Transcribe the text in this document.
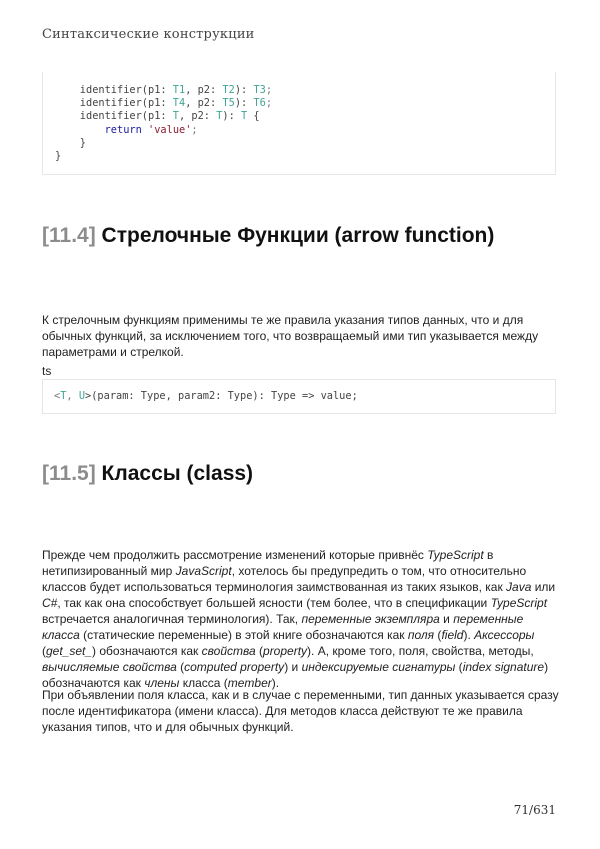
Синтаксические конструкции
identifier(p1: T1, p2: T2): T3;
identifier(p1: T4, p2: T5): T6;
identifier(p1: T, p2: T): T {
return 'value';
}
}
[11.4] Стрелочные Функции (arrow function)

К стрелочным функциям применимы те же правила указания типов данных, что и для обычных функций, за исключением того, что возвращаемый ими тип указывается между параметрами и стрелкой.

ts
<T, U>(param: Type, param2: Type): Type => value;
[11.5] Классы (class)

Прежде чем продолжить рассмотрение изменений которые привнёс TypeScript в нетипизированный мир JavaScript, хотелось бы предупредить о том, что относительно классов будет использоваться терминология заимствованная из таких языков, как Java или C#, так как она способствует большей ясности (тем более, что в спецификации TypeScript встречается аналогичная терминология). Так, переменные экземпляра и переменные класса (статические переменные) в этой книге обозначаются как поля (field). Аксессоры (get_set_) обозначаются как свойства (property). А, кроме того, поля, свойства, методы, вычисляемые свойства (computed property) и индексируемые сигнатуры (index signature) обозначаются как члены класса (member).

При объявлении поля класса, как и в случае с переменными, тип данных указывается сразу после идентификатора (имени класса). Для методов класса действуют те же правила указания типов, что и для обычных функций.

71/631
